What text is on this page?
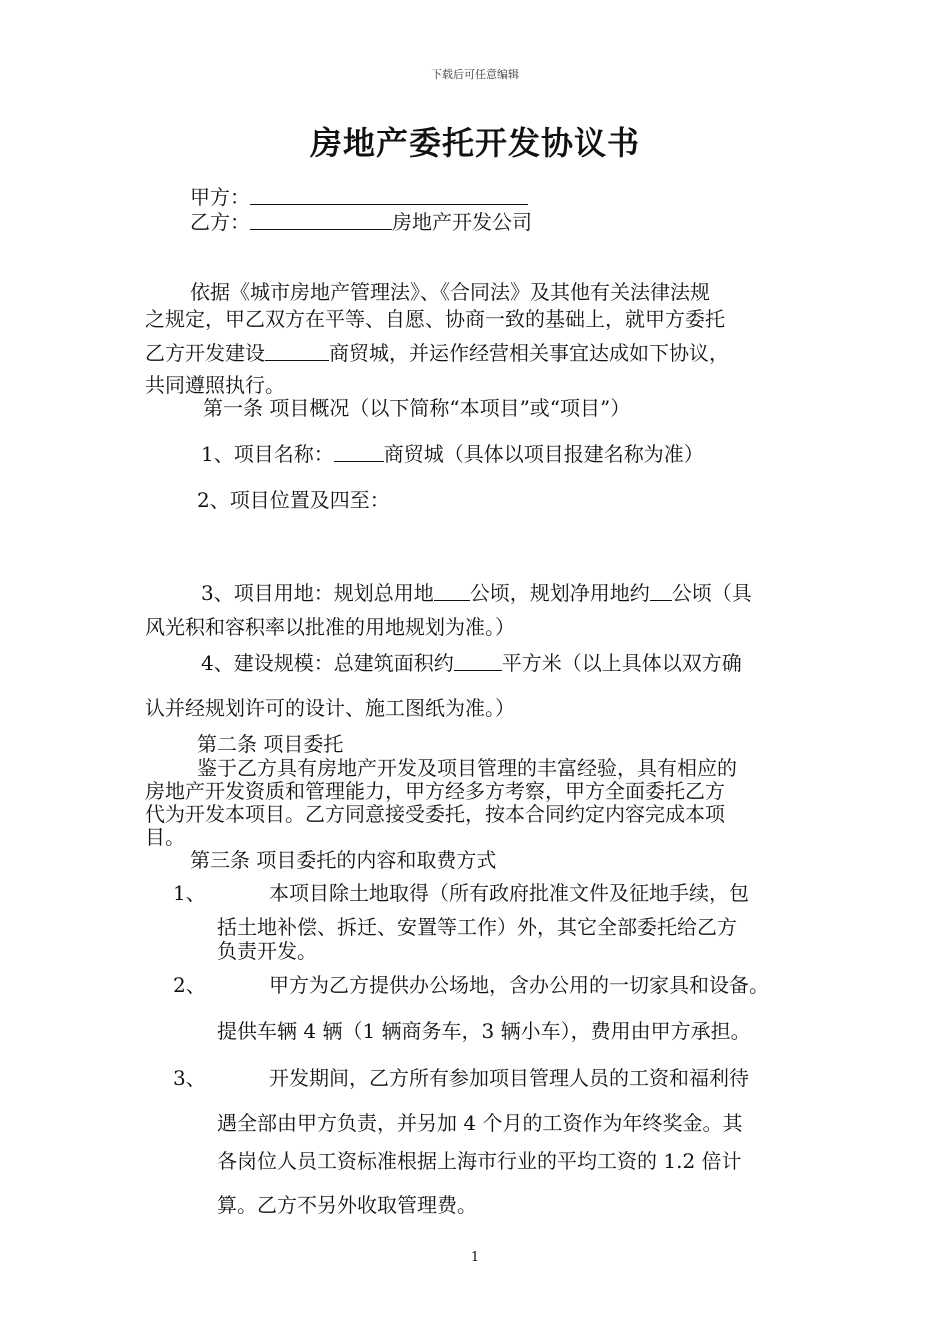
下载后可任意编辑
房地产委托开发协议书
甲方：
乙方：	房地产开发公司
依据《城市房地产管理法》、《合同法》及其他有关法律法规
之规定，甲乙双方在平等、自愿、协商一致的基础上，就甲方委托
乙方开发建设	商贸城，并运作经营相关事宜达成如下协议，
共同遵照执行。
第一条 项目概况（以下简称“本项目”或“项目”）
1、项目名称：	商贸城（具体以项目报建名称为准）
2、项目位置及四至：
3、项目用地：规划总用地 公顷，规划净用地约 公顷（具
风光积和容积率以批准的用地规划为准。）
4、建设规模：总建筑面积约 平方米（以上具体以双方确
认并经规划许可的设计、施工图纸为准。）
第二条 项目委托
鉴于乙方具有房地产开发及项目管理的丰富经验，具有相应的
房地产开发资质和管理能力，甲方经多方考察，甲方全面委托乙方
代为开发本项目。乙方同意接受委托，按本合同约定内容完成本项
目。
第三条 项目委托的内容和取费方式
1、	本项目除土地取得（所有政府批准文件及征地手续，包
括土地补偿、拆迁、安置等工作）外，其它全部委托给乙方
负责开发。
2、	甲方为乙方提供办公场地，含办公用的一切家具和设备。
提供车辆 4 辆（1 辆商务车，3 辆小车），费用由甲方承担。
3、	开发期间，乙方所有参加项目管理人员的工资和福利待
遇全部由甲方负责，并另加 4 个月的工资作为年终奖金。其
各岗位人员工资标准根据上海市行业的平均工资的 1.2 倍计
算。乙方不另外收取管理费。
1
